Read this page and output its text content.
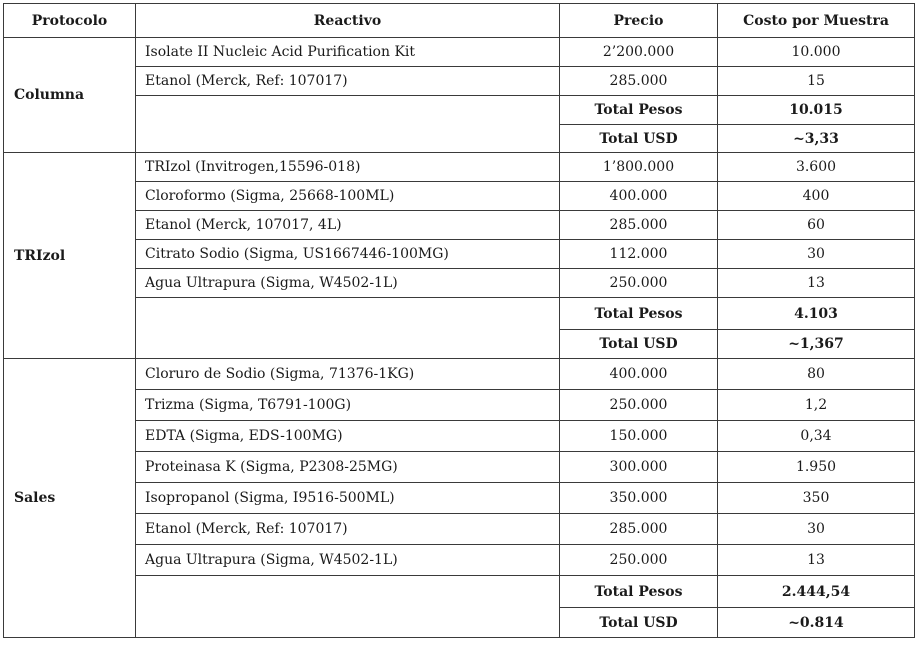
Protocolo	Reactivo	Precio	Costo por Muestra
Columna	Isolate II Nucleic Acid Purification Kit	2’200.000	10.000
	Etanol (Merck, Ref: 107017)	285.000	15
		Total Pesos	10.015
		Total USD	~3,33
TRIzol	TRIzol (Invitrogen,15596-018)	1’800.000	3.600
	Cloroformo (Sigma, 25668-100ML)	400.000	400
	Etanol (Merck, 107017, 4L)	285.000	60
	Citrato Sodio (Sigma, US1667446-100MG)	112.000	30
	Agua Ultrapura (Sigma, W4502-1L)	250.000	13
		Total Pesos	4.103
		Total USD	~1,367
Sales	Cloruro de Sodio (Sigma, 71376-1KG)	400.000	80
	Trizma (Sigma, T6791-100G)	250.000	1,2
	EDTA (Sigma, EDS-100MG)	150.000	0,34
	Proteinasa K (Sigma, P2308-25MG)	300.000	1.950
	Isopropanol (Sigma, I9516-500ML)	350.000	350
	Etanol (Merck, Ref: 107017)	285.000	30
	Agua Ultrapura (Sigma, W4502-1L)	250.000	13
		Total Pesos	2.444,54
		Total USD	~0.814
